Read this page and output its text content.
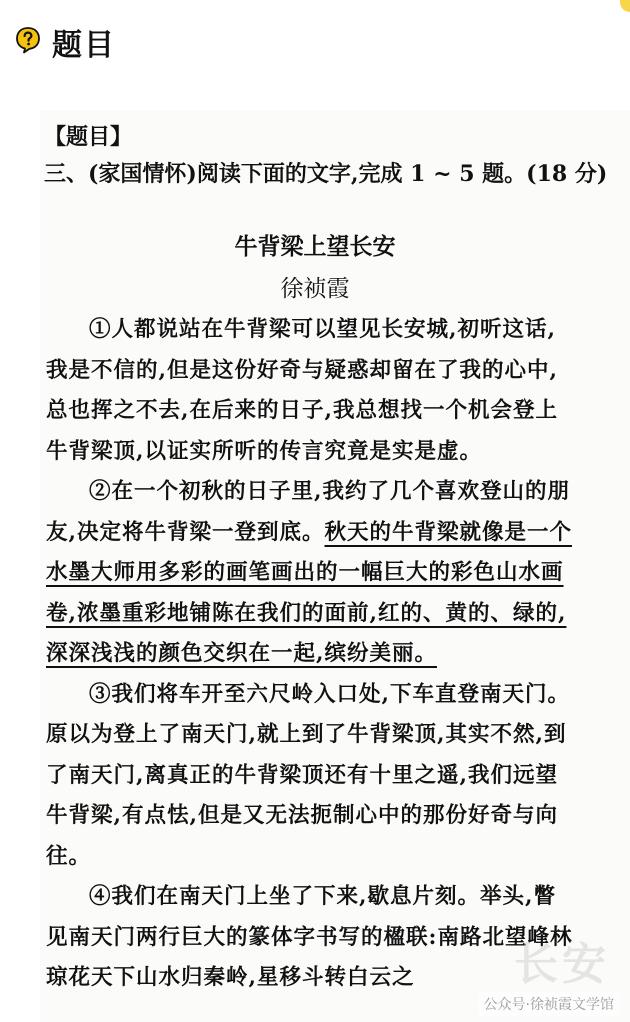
题目
【题目】
三、(家国情怀)阅读下面的文字,完成 1 ~ 5 题。(18 分)
牛背梁上望长安
徐祯霞

①人都说站在牛背梁可以望见长安城,初听这话,我是不信的,但是这份好奇与疑惑却留在了我的心中,总也挥之不去,在后来的日子,我总想找一个机会登上牛背梁顶,以证实所听的传言究竟是实是虚。

②在一个初秋的日子里,我约了几个喜欢登山的朋友,决定将牛背梁一登到底。秋天的牛背梁就像是一个水墨大师用多彩的画笔画出的一幅巨大的彩色山水画卷,浓墨重彩地铺陈在我们的面前,红的、黄的、绿的,深深浅浅的颜色交织在一起,缤纷美丽。

③我们将车开至六尺岭入口处,下车直登南天门。原以为登上了南天门,就上到了牛背梁顶,其实不然,到了南天门,离真正的牛背梁顶还有十里之遥,我们远望牛背梁,有点怯,但是又无法扼制心中的那份好奇与向往。

④我们在南天门上坐了下来,歇息片刻。举头,瞥见南天门两行巨大的篆体字书写的楹联:南路北望峰林琼花天下山水归秦岭,星移斗转白云之	长安
公众号·徐祯霞文学馆
